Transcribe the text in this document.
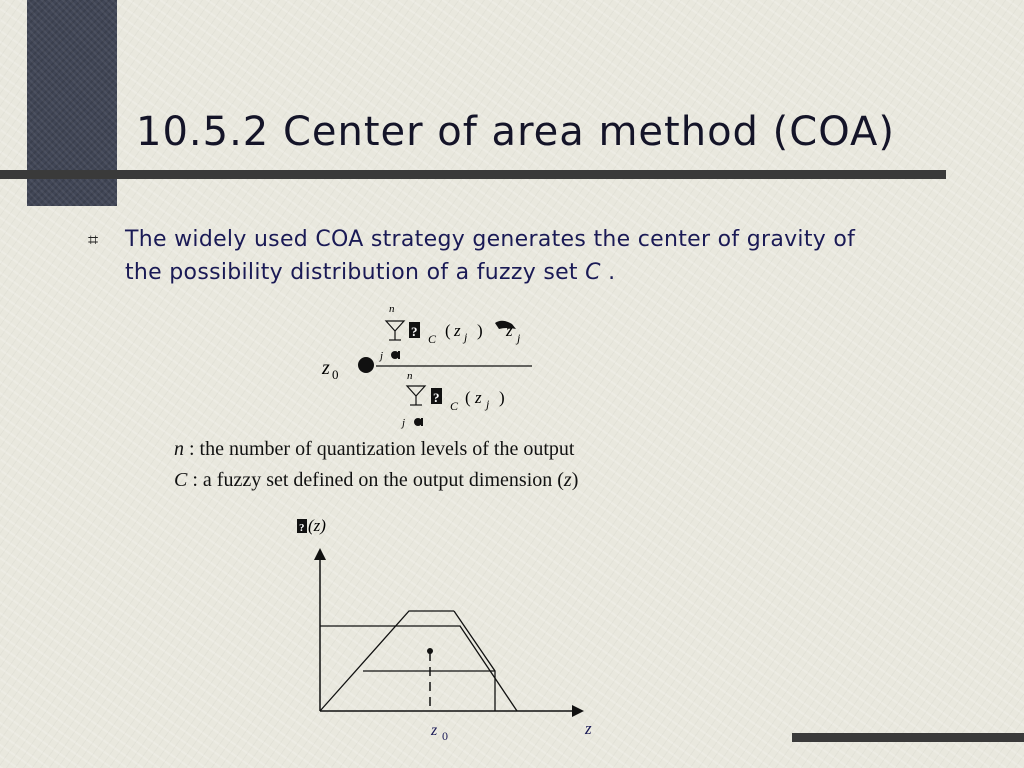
10.5.2 Center of area method (COA)
⌗ The widely used COA strategy generates the center of gravity of the possibility distribution of a fuzzy set C .

z 0
n
? C ( z j ) z j
j
n
?
C ( z j )
j
n : the number of quantization levels of the output
C : a fuzzy set defined on the output dimension (z)
? (z)
z 0	z
